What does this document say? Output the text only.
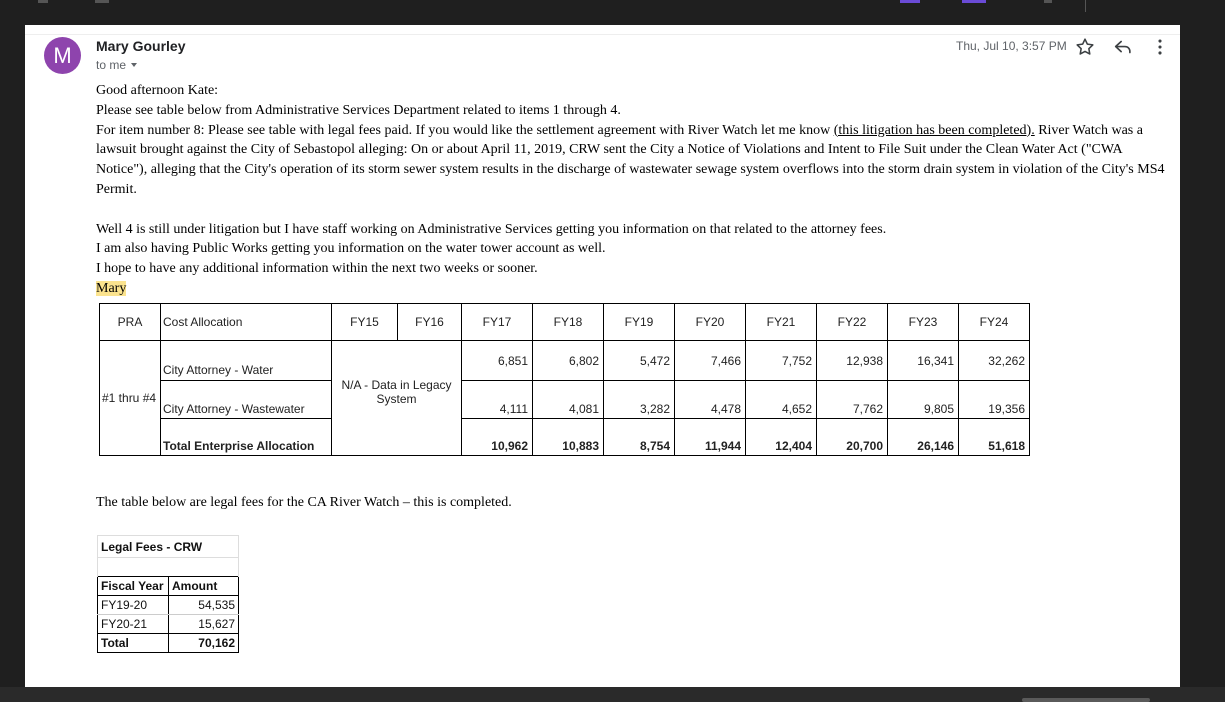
M	Mary Gourley
to me
Thu, Jul 10, 3:57 PM

Good afternoon Kate:

Please see table below from Administrative Services Department related to items 1 through 4.

For item number 8: Please see table with legal fees paid. If you would like the settlement agreement with River Watch let me know (this litigation has been completed). River Watch was a lawsuit brought against the City of Sebastopol alleging: On or about April 11, 2019, CRW sent the City a Notice of Violations and Intent to File Suit under the Clean Water Act ("CWA Notice"), alleging that the City's operation of its storm sewer system results in the discharge of wastewater sewage system overflows into the storm drain system in violation of the City's MS4 Permit.

Well 4 is still under litigation but I have staff working on Administrative Services getting you information on that related to the attorney fees.

I am also having Public Works getting you information on the water tower account as well.

I hope to have any additional information within the next two weeks or sooner.

Mary

PRA	Cost Allocation	FY15	FY16	FY17	FY18	FY19	FY20	FY21	FY22	FY23	FY24
#1 thru #4	City Attorney - Water	N/A - Data in Legacy System		6,851	6,802	5,472	7,466	7,752	12,938	16,341	32,262
	City Attorney - Wastewater			4,111	4,081	3,282	4,478	4,652	7,762	9,805	19,356
	Total Enterprise Allocation			10,962	10,883	8,754	11,944	12,404	20,700	26,146	51,618
The table below are legal fees for the CA River Watch – this is completed.
Legal Fees - CRW	

Fiscal Year	Amount
FY19-20	54,535
FY20-21	15,627
Total	70,162
